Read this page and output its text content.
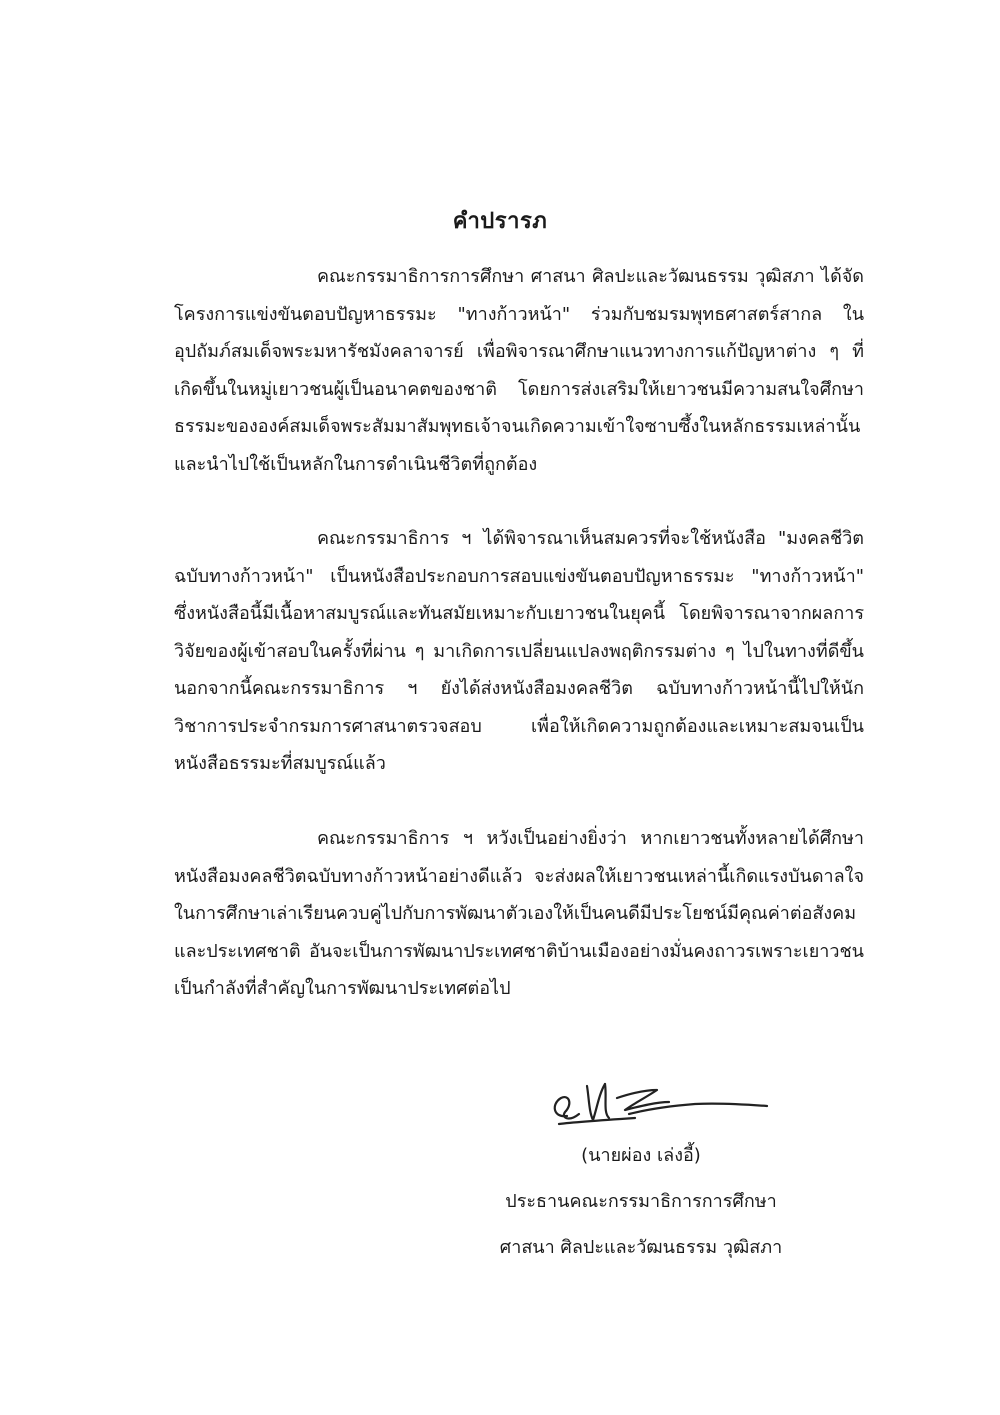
คำปรารภ

คณะกรรมาธิการการศึกษา ศาสนา ศิลปะและวัฒนธรรม วุฒิสภา ได้จัดโครงการแข่งขันตอบปัญหาธรรมะ "ทางก้าวหน้า" ร่วมกับชมรมพุทธศาสตร์สากล ในอุปถัมภ์สมเด็จพระมหารัชมังคลาจารย์ เพื่อพิจารณาศึกษาแนวทางการแก้ปัญหาต่าง ๆ ที่เกิดขึ้นในหมู่เยาวชนผู้เป็นอนาคตของชาติ โดยการส่งเสริมให้เยาวชนมีความสนใจศึกษาธรรมะขององค์สมเด็จพระสัมมาสัมพุทธเจ้าจนเกิดความเข้าใจซาบซึ้งในหลักธรรมเหล่านั้นและนำไปใช้เป็นหลักในการดำเนินชีวิตที่ถูกต้อง

คณะกรรมาธิการ ฯ ได้พิจารณาเห็นสมควรที่จะใช้หนังสือ "มงคลชีวิต ฉบับทางก้าวหน้า" เป็นหนังสือประกอบการสอบแข่งขันตอบปัญหาธรรมะ "ทางก้าวหน้า" ซึ่งหนังสือนี้มีเนื้อหาสมบูรณ์และทันสมัยเหมาะกับเยาวชนในยุคนี้ โดยพิจารณาจากผลการวิจัยของผู้เข้าสอบในครั้งที่ผ่าน ๆ มาเกิดการเปลี่ยนแปลงพฤติกรรมต่าง ๆ ไปในทางที่ดีขึ้น นอกจากนี้คณะกรรมาธิการ ฯ ยังได้ส่งหนังสือมงคลชีวิต ฉบับทางก้าวหน้านี้ไปให้นักวิชาการประจำกรมการศาสนาตรวจสอบ เพื่อให้เกิดความถูกต้องและเหมาะสมจนเป็นหนังสือธรรมะที่สมบูรณ์แล้ว

คณะกรรมาธิการ ฯ หวังเป็นอย่างยิ่งว่า หากเยาวชนทั้งหลายได้ศึกษาหนังสือมงคลชีวิตฉบับทางก้าวหน้าอย่างดีแล้ว จะส่งผลให้เยาวชนเหล่านี้เกิดแรงบันดาลใจในการศึกษาเล่าเรียนควบคู่ไปกับการพัฒนาตัวเองให้เป็นคนดีมีประโยชน์มีคุณค่าต่อสังคมและประเทศชาติ อันจะเป็นการพัฒนาประเทศชาติบ้านเมืองอย่างมั่นคงถาวรเพราะเยาวชนเป็นกำลังที่สำคัญในการพัฒนาประเทศต่อไป

(นายผ่อง เล่งอี้)
ประธานคณะกรรมาธิการการศึกษา
ศาสนา ศิลปะและวัฒนธรรม วุฒิสภา
